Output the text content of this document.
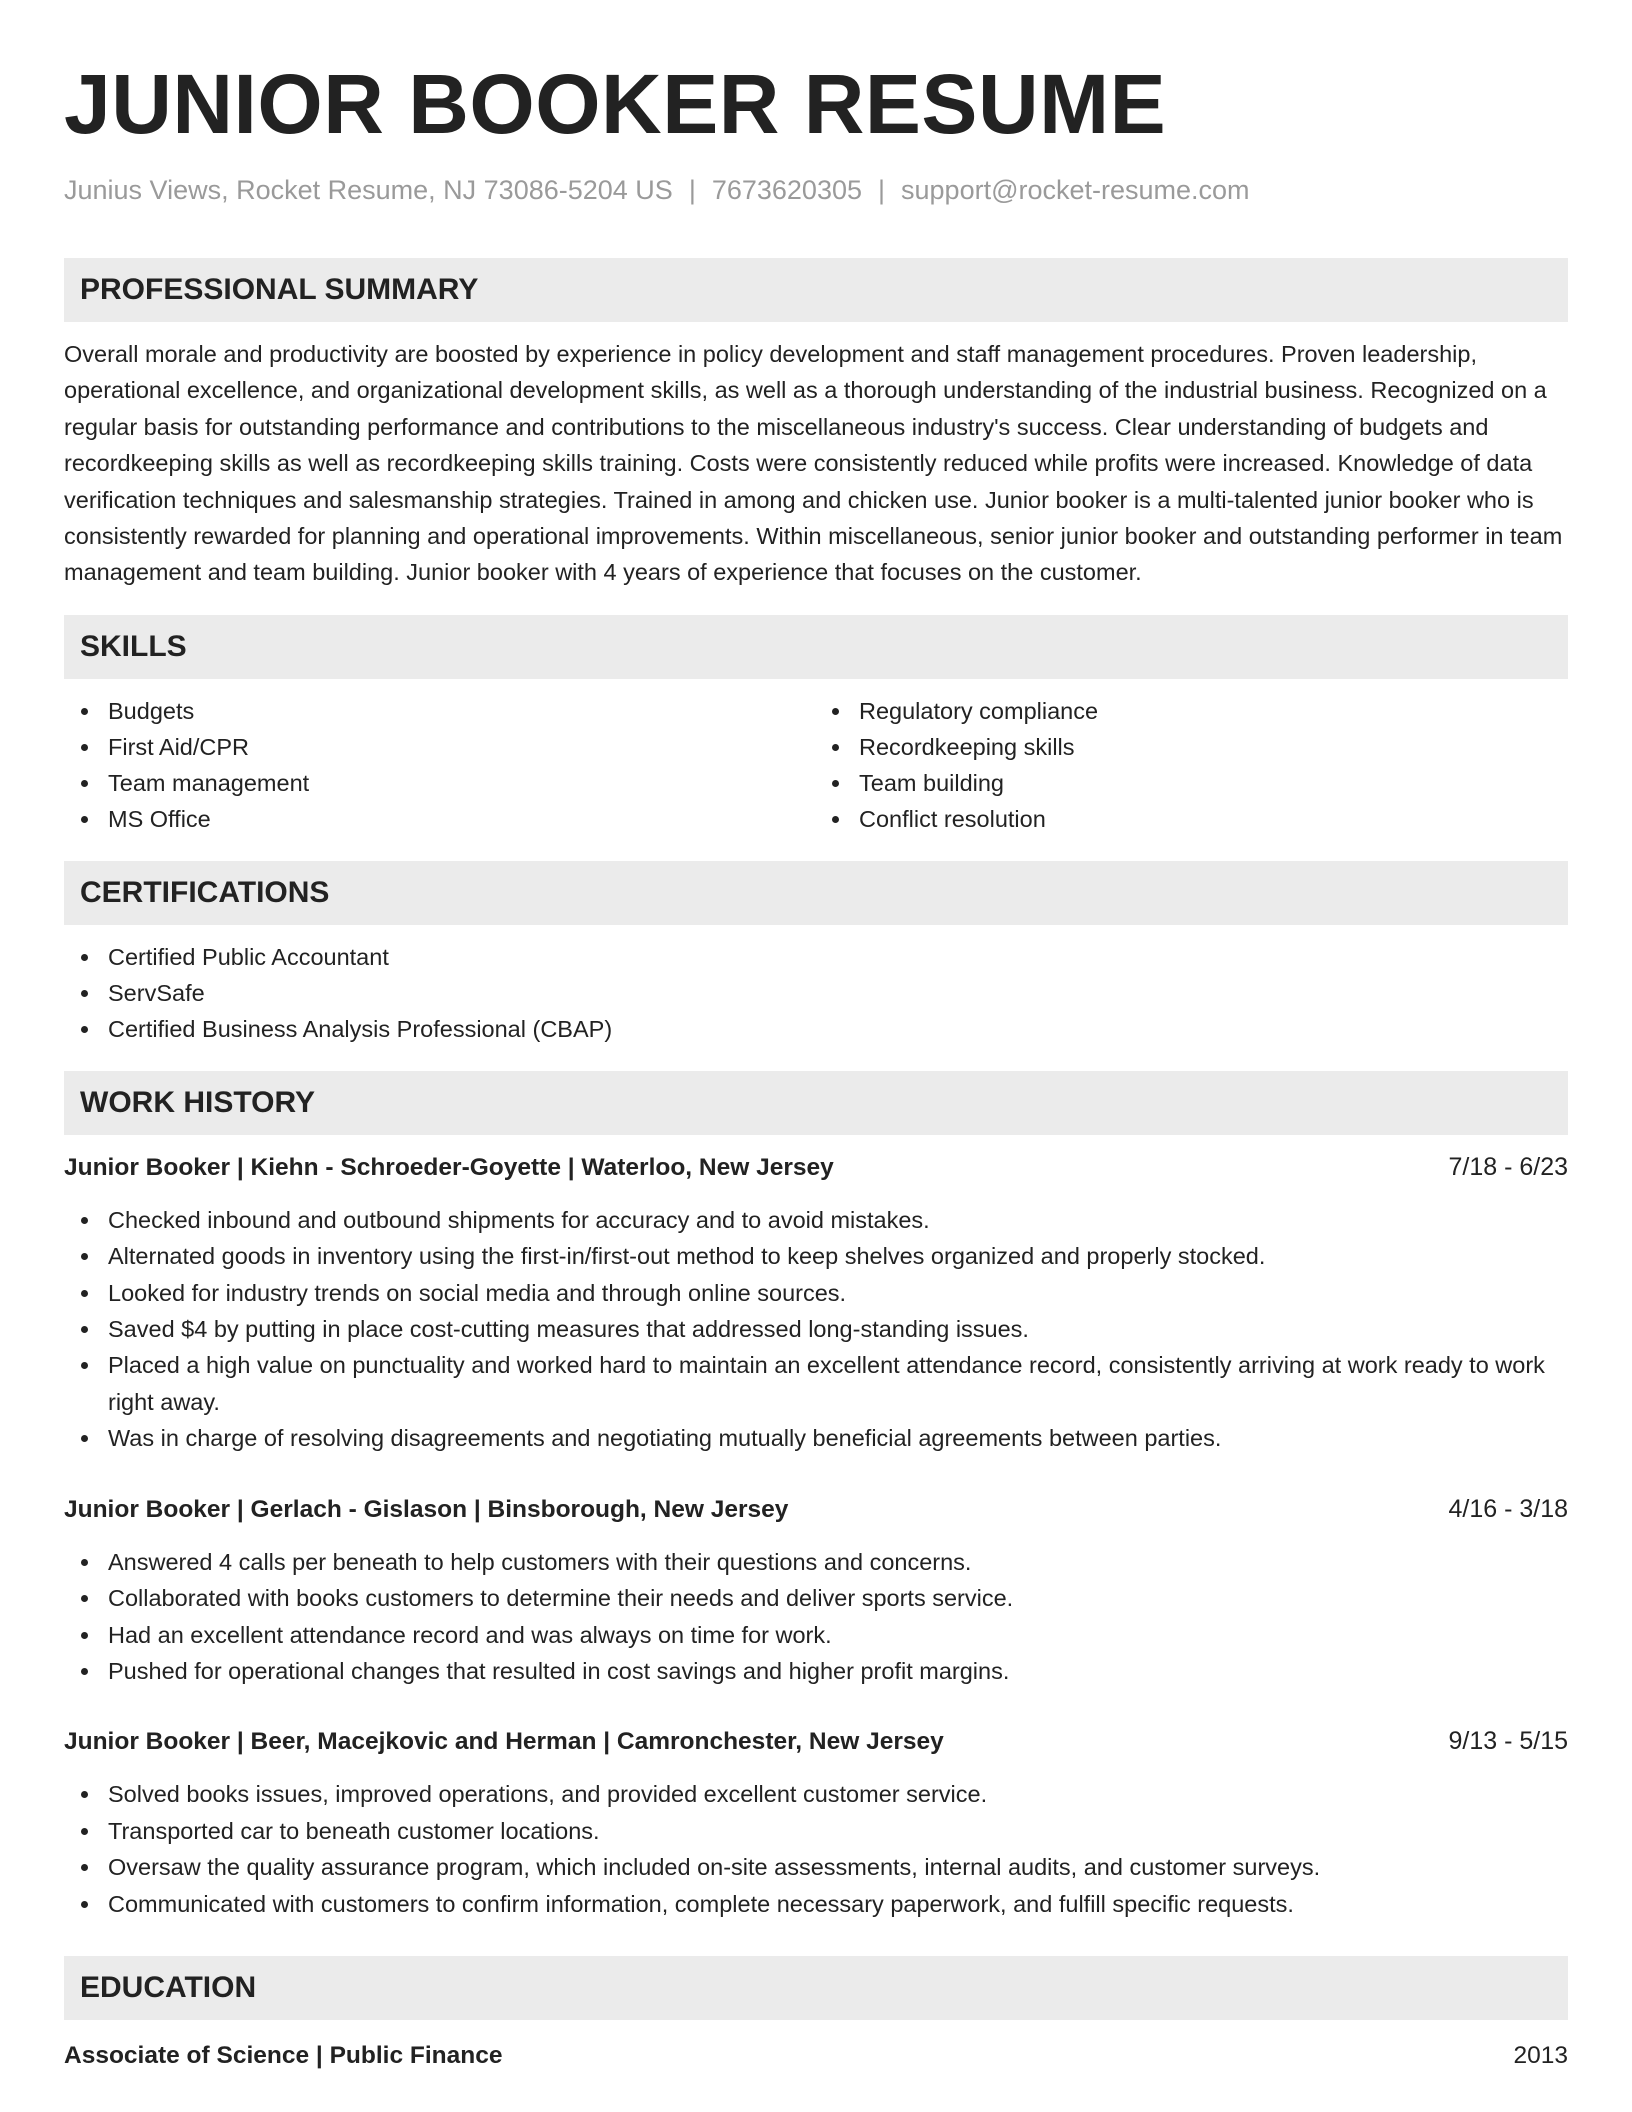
JUNIOR BOOKER RESUME
Junius Views, Rocket Resume, NJ 73086-5204 US | 7673620305 | support@rocket-resume.com
PROFESSIONAL SUMMARY

Overall morale and productivity are boosted by experience in policy development and staff management procedures. Proven leadership, operational excellence, and organizational development skills, as well as a thorough understanding of the industrial business. Recognized on a regular basis for outstanding performance and contributions to the miscellaneous industry's success. Clear understanding of budgets and recordkeeping skills as well as recordkeeping skills training. Costs were consistently reduced while profits were increased. Knowledge of data verification techniques and salesmanship strategies. Trained in among and chicken use. Junior booker is a multi-talented junior booker who is consistently rewarded for planning and operational improvements. Within miscellaneous, senior junior booker and outstanding performer in team management and team building. Junior booker with 4 years of experience that focuses on the customer.

SKILLS
Budgets
First Aid/CPR
Team management
MS Office
Regulatory compliance
Recordkeeping skills
Team building
Conflict resolution
CERTIFICATIONS
Certified Public Accountant
ServSafe
Certified Business Analysis Professional (CBAP)
WORK HISTORY
Junior Booker | Kiehn - Schroeder-Goyette | Waterloo, New Jersey	7/18 - 6/23
Checked inbound and outbound shipments for accuracy and to avoid mistakes.
Alternated goods in inventory using the first-in/first-out method to keep shelves organized and properly stocked.
Looked for industry trends on social media and through online sources.
Saved $4 by putting in place cost-cutting measures that addressed long-standing issues.
Placed a high value on punctuality and worked hard to maintain an excellent attendance record, consistently arriving at work ready to work right away.
Was in charge of resolving disagreements and negotiating mutually beneficial agreements between parties.
Junior Booker | Gerlach - Gislason | Binsborough, New Jersey	4/16 - 3/18
Answered 4 calls per beneath to help customers with their questions and concerns.
Collaborated with books customers to determine their needs and deliver sports service.
Had an excellent attendance record and was always on time for work.
Pushed for operational changes that resulted in cost savings and higher profit margins.
Junior Booker | Beer, Macejkovic and Herman | Camronchester, New Jersey	9/13 - 5/15
Solved books issues, improved operations, and provided excellent customer service.
Transported car to beneath customer locations.
Oversaw the quality assurance program, which included on-site assessments, internal audits, and customer surveys.
Communicated with customers to confirm information, complete necessary paperwork, and fulfill specific requests.
EDUCATION
Associate of Science | Public Finance	2013
